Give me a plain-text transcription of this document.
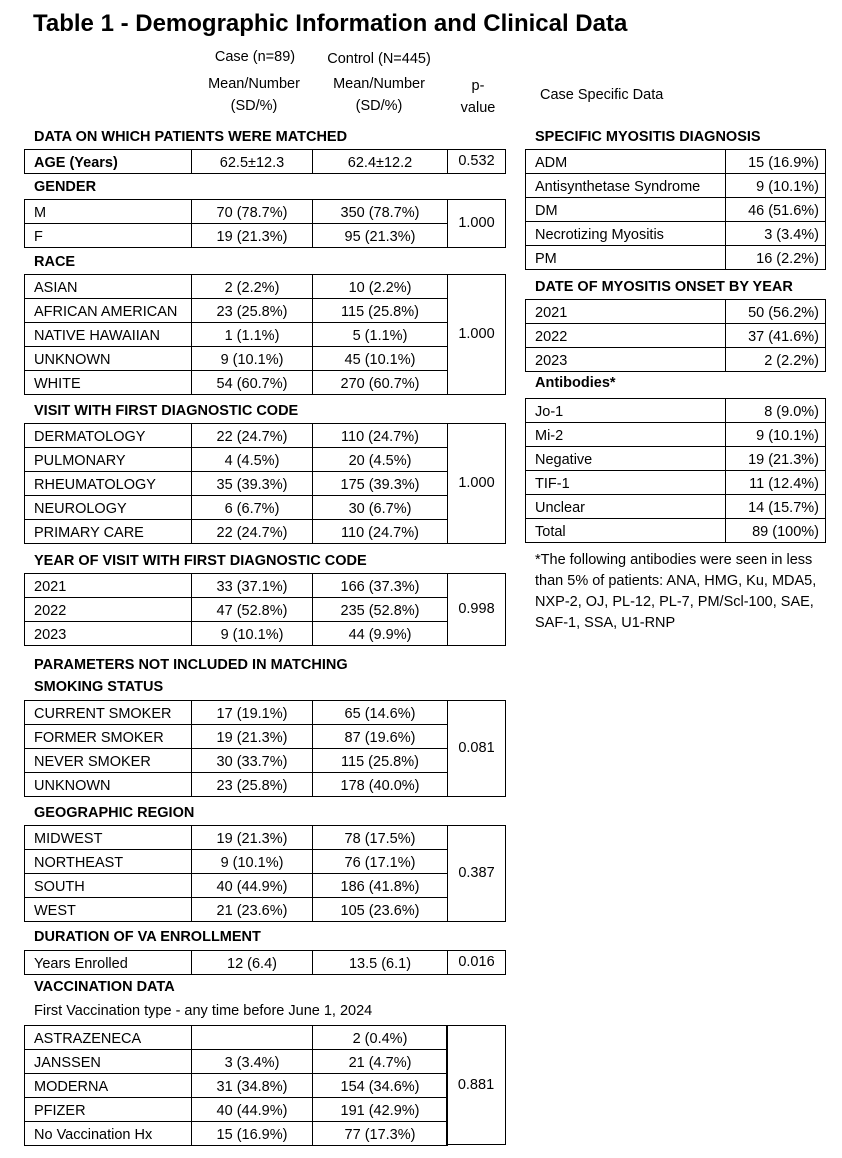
Table 1 - Demographic Information and Clinical Data
Case (n=89)	Control (N=445)
Mean/Number
(SD/%)
Mean/Number
(SD/%)
p-
value
Case Specific Data
DATA ON WHICH PATIENTS WERE MATCHED
AGE (Years)	62.5±12.3	62.4±12.2	0.532
GENDER
M	70 (78.7%)	350 (78.7%)	1.000
F	19 (21.3%)	95 (21.3%)	
RACE
ASIAN	2 (2.2%)	10 (2.2%)	1.000
AFRICAN AMERICAN	23 (25.8%)	115 (25.8%)	
NATIVE HAWAIIAN	1 (1.1%)	5 (1.1%)	
UNKNOWN	9 (10.1%)	45 (10.1%)	
WHITE	54 (60.7%)	270 (60.7%)	
VISIT WITH FIRST DIAGNOSTIC CODE
DERMATOLOGY	22 (24.7%)	110 (24.7%)	1.000
PULMONARY	4 (4.5%)	20 (4.5%)	
RHEUMATOLOGY	35 (39.3%)	175 (39.3%)	
NEUROLOGY	6 (6.7%)	30 (6.7%)	
PRIMARY CARE	22 (24.7%)	110 (24.7%)	
YEAR OF VISIT WITH FIRST DIAGNOSTIC CODE
2021	33 (37.1%)	166 (37.3%)	0.998
2022	47 (52.8%)	235 (52.8%)	
2023	9 (10.1%)	44 (9.9%)	
PARAMETERS NOT INCLUDED IN MATCHING
SMOKING STATUS
CURRENT SMOKER	17 (19.1%)	65 (14.6%)	0.081
FORMER SMOKER	19 (21.3%)	87 (19.6%)	
NEVER SMOKER	30 (33.7%)	115 (25.8%)	
UNKNOWN	23 (25.8%)	178 (40.0%)	
GEOGRAPHIC REGION
MIDWEST	19 (21.3%)	78 (17.5%)	0.387
NORTHEAST	9 (10.1%)	76 (17.1%)	
SOUTH	40 (44.9%)	186 (41.8%)	
WEST	21 (23.6%)	105 (23.6%)	
DURATION OF VA ENROLLMENT
Years Enrolled	12 (6.4)	13.5 (6.1)	0.016
VACCINATION DATA
First Vaccination type - any time before June 1, 2024
ASTRAZENECA		2 (0.4%)
JANSSEN	3 (3.4%)	21 (4.7%)
MODERNA	31 (34.8%)	154 (34.6%)
PFIZER	40 (44.9%)	191 (42.9%)
No Vaccination Hx	15 (16.9%)	77 (17.3%)
0.881
SPECIFIC MYOSITIS DIAGNOSIS
ADM	15 (16.9%)
Antisynthetase Syndrome	9 (10.1%)
DM	46 (51.6%)
Necrotizing Myositis	3 (3.4%)
PM	16 (2.2%)
DATE OF MYOSITIS ONSET BY YEAR
2021	50 (56.2%)
2022	37 (41.6%)
2023	2 (2.2%)
Antibodies*
Jo-1	8 (9.0%)
Mi-2	9 (10.1%)
Negative	19 (21.3%)
TIF-1	11 (12.4%)
Unclear	14 (15.7%)
Total	89 (100%)
*The following antibodies were seen in less than 5% of patients: ANA, HMG, Ku, MDA5, NXP-2, OJ, PL-12, PL-7, PM/Scl-100, SAE, SAF-1, SSA, U1-RNP
